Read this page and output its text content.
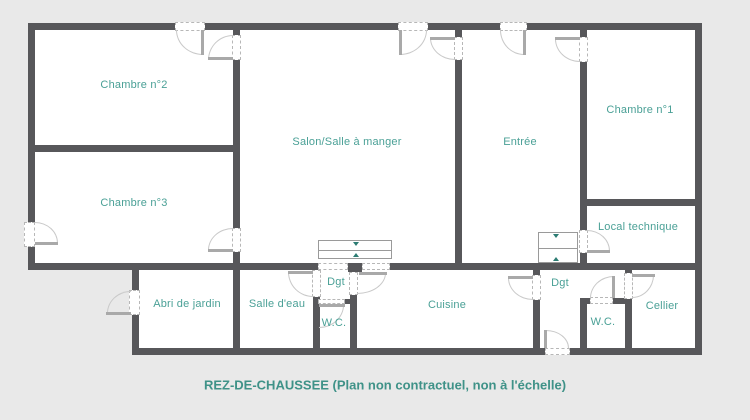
Chambre n°2
Chambre n°3
Salon/Salle à manger	Entrée
Chambre n°1
Local technique
Abri de jardin	Salle d'eau
W.C.
Dgt
Cuisine
Dgt
W.C.
Cellier
REZ-DE-CHAUSSEE (Plan non contractuel, non à l'échelle)
